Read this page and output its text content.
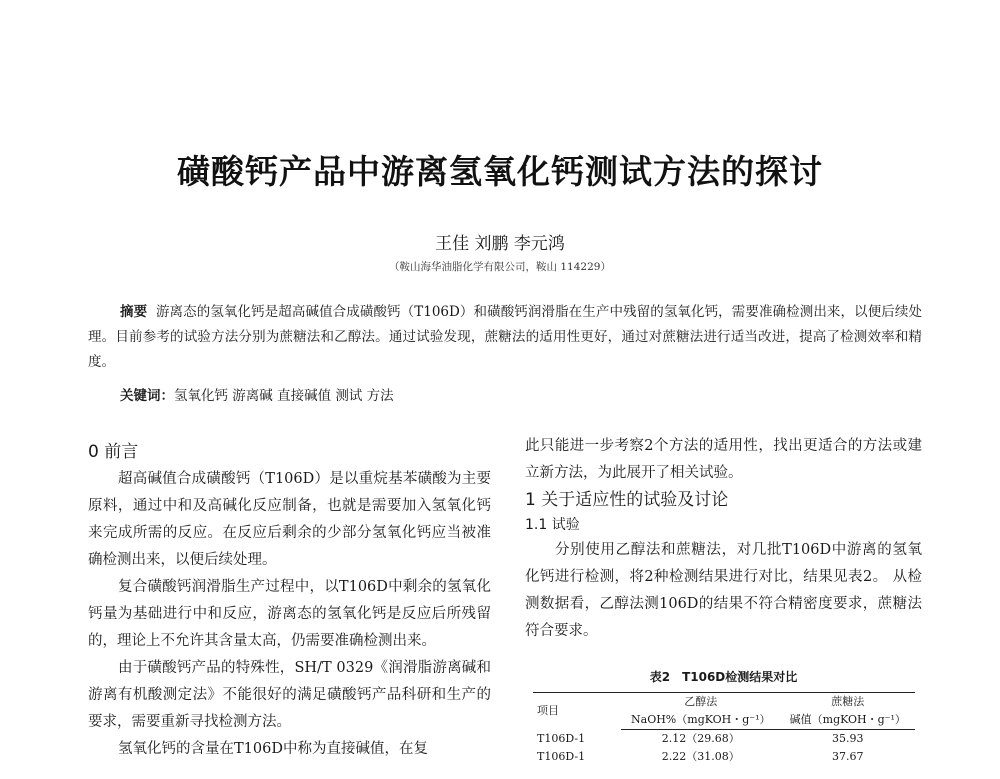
磺酸钙产品中游离氢氧化钙测试方法的探讨
王佳 刘鹏 李元鸿
（鞍山海华油脂化学有限公司，鞍山 114229）

摘要 游离态的氢氧化钙是超高碱值合成磺酸钙（T106D）和磺酸钙润滑脂在生产中残留的氢氧化钙，需要准确检测出来，以便后续处理。目前参考的试验方法分别为蔗糖法和乙醇法。通过试验发现，蔗糖法的适用性更好，通过对蔗糖法进行适当改进，提高了检测效率和精度。

关键词：氢氧化钙 游离碱 直接碱值 测试 方法
0 前言

超高碱值合成磺酸钙（T106D）是以重烷基苯磺酸为主要原料，通过中和及高碱化反应制备，也就是需要加入氢氧化钙来完成所需的反应。在反应后剩余的少部分氢氧化钙应当被准确检测出来，以便后续处理。

复合磺酸钙润滑脂生产过程中，以T106D中剩余的氢氧化钙量为基础进行中和反应，游离态的氢氧化钙是反应后所残留的，理论上不允许其含量太高，仍需要准确检测出来。

由于磺酸钙产品的特殊性，SH/T 0329《润滑脂游离碱和游离有机酸测定法》不能很好的满足磺酸钙产品科研和生产的要求，需要重新寻找检测方法。

氢氧化钙的含量在T106D中称为直接碱值，在复

此只能进一步考察2个方法的适用性，找出更适合的方法或建立新方法，为此展开了相关试验。

1 关于适应性的试验及讨论
1.1 试验

分别使用乙醇法和蔗糖法，对几批T106D中游离的氢氧化钙进行检测，将2种检测结果进行对比，结果见表2。 从检测数据看，乙醇法测106D的结果不符合精密度要求，蔗糖法符合要求。

表2　T106D检测结果对比
项目	乙醇法	蔗糖法
	NaOH%（mgKOH・g⁻¹）	碱值（mgKOH・g⁻¹）
T106D-1	2.12（29.68）	35.93
T106D-1	2.22（31.08）	37.67
